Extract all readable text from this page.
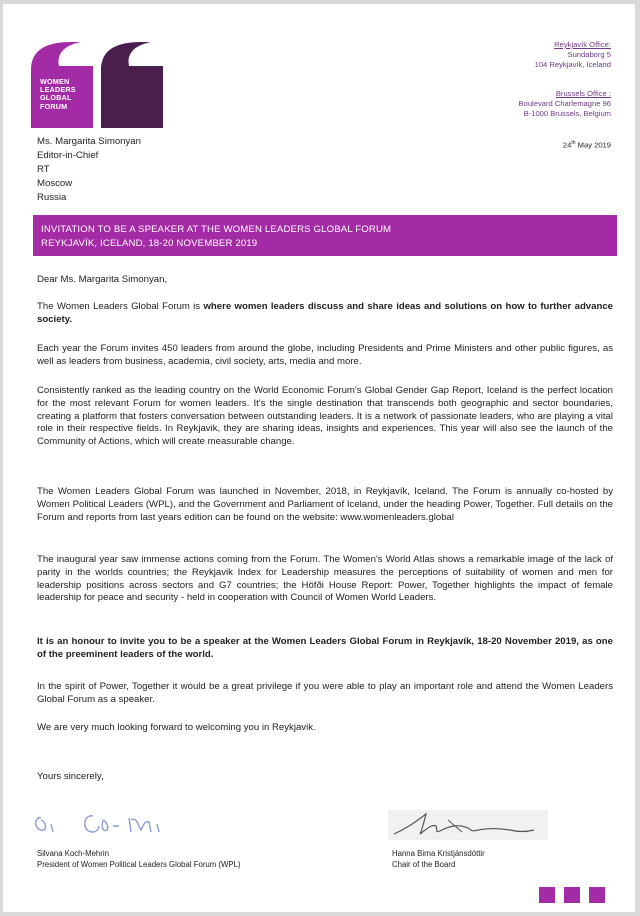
WOMEN
LEADERS
GLOBAL
FORUM
Reykjavík Office:
Sundaborg 5
104 Reykjavík, Iceland
Brussels Office :
Boulevard Charlemagne 96
B-1000 Brussels, Belgium
24th May 2019
Ms. Margarita Simonyan
Editor-in-Chief
RT
Moscow
Russia
INVITATION TO BE A SPEAKER AT THE WOMEN LEADERS GLOBAL FORUM
REYKJAVÍK, ICELAND, 18-20 NOVEMBER 2019
Dear Ms. Margarita Simonyan,

The Women Leaders Global Forum is where women leaders discuss and share ideas and solutions on how to further advance society.

Each year the Forum invites 450 leaders from around the globe, including Presidents and Prime Ministers and other public figures, as well as leaders from business, academia, civil society, arts, media and more.
Consistently ranked as the leading country on the World Economic Forum's Global Gender Gap Report, Iceland is the perfect location for the most relevant Forum for women leaders. It's the single destination that transcends both geographic and sector boundaries, creating a platform that fosters conversation between outstanding leaders. It is a network of passionate leaders, who are playing a vital role in their respective fields. In Reykjavik, they are sharing ideas, insights and experiences. This year will also see the launch of the Community of Actions, which will create measurable change.
The Women Leaders Global Forum was launched in November, 2018, in Reykjavík, Iceland. The Forum is annually co-hosted by Women Political Leaders (WPL), and the Government and Parliament of Iceland, under the heading Power, Together. Full details on the Forum and reports from last years edition can be found on the website: www.womenleaders.global
The inaugural year saw immense actions coming from the Forum. The Women's World Atlas shows a remarkable image of the lack of parity in the worlds countries; the Reykjavik Index for Leadership measures the perceptions of suitability of women and men for leadership positions across sectors and G7 countries; the Höfði House Report: Power, Together highlights the impact of female leadership for peace and security - held in cooperation with Council of Women World Leaders.
It is an honour to invite you to be a speaker at the Women Leaders Global Forum in Reykjavík, 18-20 November 2019, as one of the preeminent leaders of the world.
In the spirit of Power, Together it would be a great privilege if you were able to play an important role and attend the Women Leaders Global Forum as a speaker.
We are very much looking forward to welcoming you in Reykjavik.
Yours sincerely,
Silvana Koch-Mehrin
President of Women Political Leaders Global Forum (WPL)
Hanna Birna Kristjánsdóttir
Chair of the Board
